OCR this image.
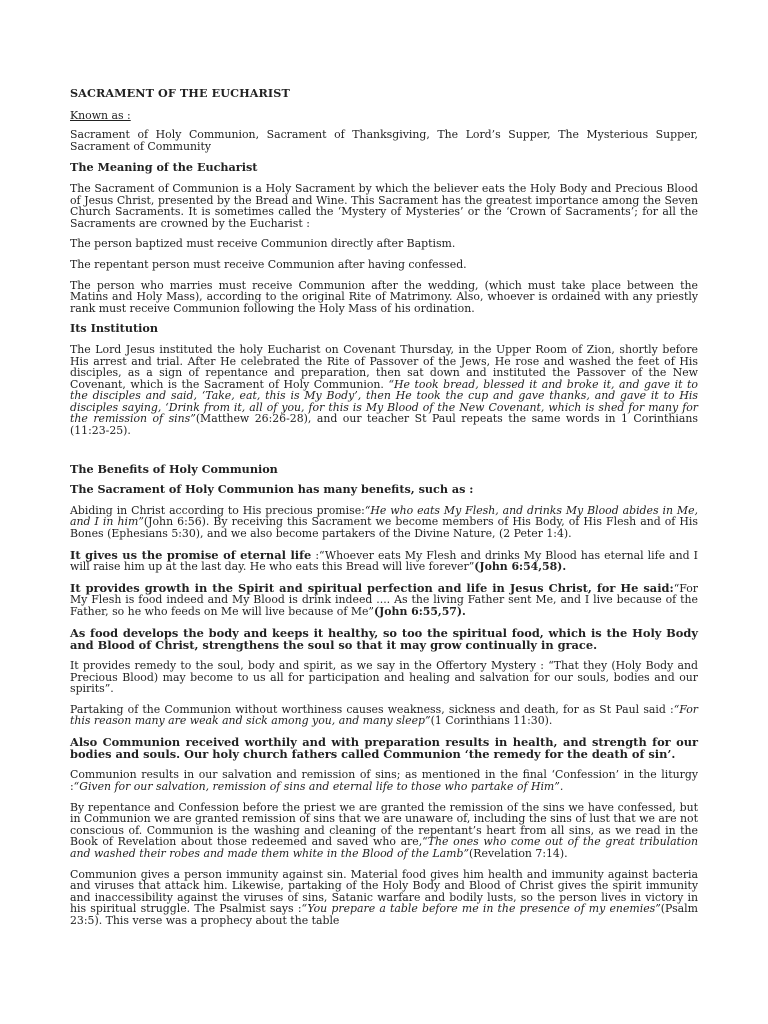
SACRAMENT OF THE EUCHARIST

Known as :

Sacrament of Holy Communion, Sacrament of Thanksgiving, The Lord’s Supper, The Mysterious Supper, Sacrament of Community

The Meaning of the Eucharist

The Sacrament of Communion is a Holy Sacrament by which the believer eats the Holy Body and Precious Blood of Jesus Christ, presented by the Bread and Wine. This Sacrament has the greatest importance among the Seven Church Sacraments. It is sometimes called the ‘Mystery of Mysteries’ or the ‘Crown of Sacraments’; for all the Sacraments are crowned by the Eucharist :

The person baptized must receive Communion directly after Baptism.

The repentant person must receive Communion after having confessed.

The person who marries must receive Communion after the wedding, (which must take place between the Matins and Holy Mass), according to the original Rite of Matrimony. Also, whoever is ordained with any priestly rank must receive Communion following the Holy Mass of his ordination.

Its Institution

The Lord Jesus instituted the holy Eucharist on Covenant Thursday, in the Upper Room of Zion, shortly before His arrest and trial. After He celebrated the Rite of Passover of the Jews, He rose and washed the feet of His disciples, as a sign of repentance and preparation, then sat down and instituted the Passover of the New Covenant, which is the Sacrament of Holy Communion. “He took bread, blessed it and broke it, and gave it to the disciples and said, ‘Take, eat, this is My Body’, then He took the cup and gave thanks, and gave it to His disciples saying, ‘Drink from it, all of you, for this is My Blood of the New Covenant, which is shed for many for the remission of sins”(Matthew 26:26-28), and our teacher St Paul repeats the same words in 1 Corinthians (11:23-25).

The Benefits of Holy Communion

The Sacrament of Holy Communion has many benefits, such as :

Abiding in Christ according to His precious promise:“He who eats My Flesh, and drinks My Blood abides in Me, and I in him”(John 6:56). By receiving this Sacrament we become members of His Body, of His Flesh and of His Bones (Ephesians 5:30), and we also become partakers of the Divine Nature, (2 Peter 1:4).

It gives us the promise of eternal life :“Whoever eats My Flesh and drinks My Blood has eternal life and I will raise him up at the last day. He who eats this Bread will live forever”(John 6:54,58).

It provides growth in the Spirit and spiritual perfection and life in Jesus Christ, for He said:“For My Flesh is food indeed and My Blood is drink indeed .... As the living Father sent Me, and I live because of the Father, so he who feeds on Me will live because of Me”(John 6:55,57).

As food develops the body and keeps it healthy, so too the spiritual food, which is the Holy Body and Blood of Christ, strengthens the soul so that it may grow continually in grace.

It provides remedy to the soul, body and spirit, as we say in the Offertory Mystery : “That they (Holy Body and Precious Blood) may become to us all for participation and healing and salvation for our souls, bodies and our spirits”.

Partaking of the Communion without worthiness causes weakness, sickness and death, for as St Paul said :“For this reason many are weak and sick among you, and many sleep”(1 Corinthians 11:30).

Also Communion received worthily and with preparation results in health, and strength for our bodies and souls. Our holy church fathers called Communion ‘the remedy for the death of sin’.

Communion results in our salvation and remission of sins; as mentioned in the final ‘Confession’ in the liturgy :“Given for our salvation, remission of sins and eternal life to those who partake of Him”.

By repentance and Confession before the priest we are granted the remission of the sins we have confessed, but in Communion we are granted remission of sins that we are unaware of, including the sins of lust that we are not conscious of. Communion is the washing and cleaning of the repentant’s heart from all sins, as we read in the Book of Revelation about those redeemed and saved who are,“The ones who come out of the great tribulation and washed their robes and made them white in the Blood of the Lamb”(Revelation 7:14).

Communion gives a person immunity against sin. Material food gives him health and immunity against bacteria and viruses that attack him. Likewise, partaking of the Holy Body and Blood of Christ gives the spirit immunity and inaccessibility against the viruses of sins, Satanic warfare and bodily lusts, so the person lives in victory in his spiritual struggle. The Psalmist says :“You prepare a table before me in the presence of my enemies”(Psalm 23:5). This verse was a prophecy about the table
